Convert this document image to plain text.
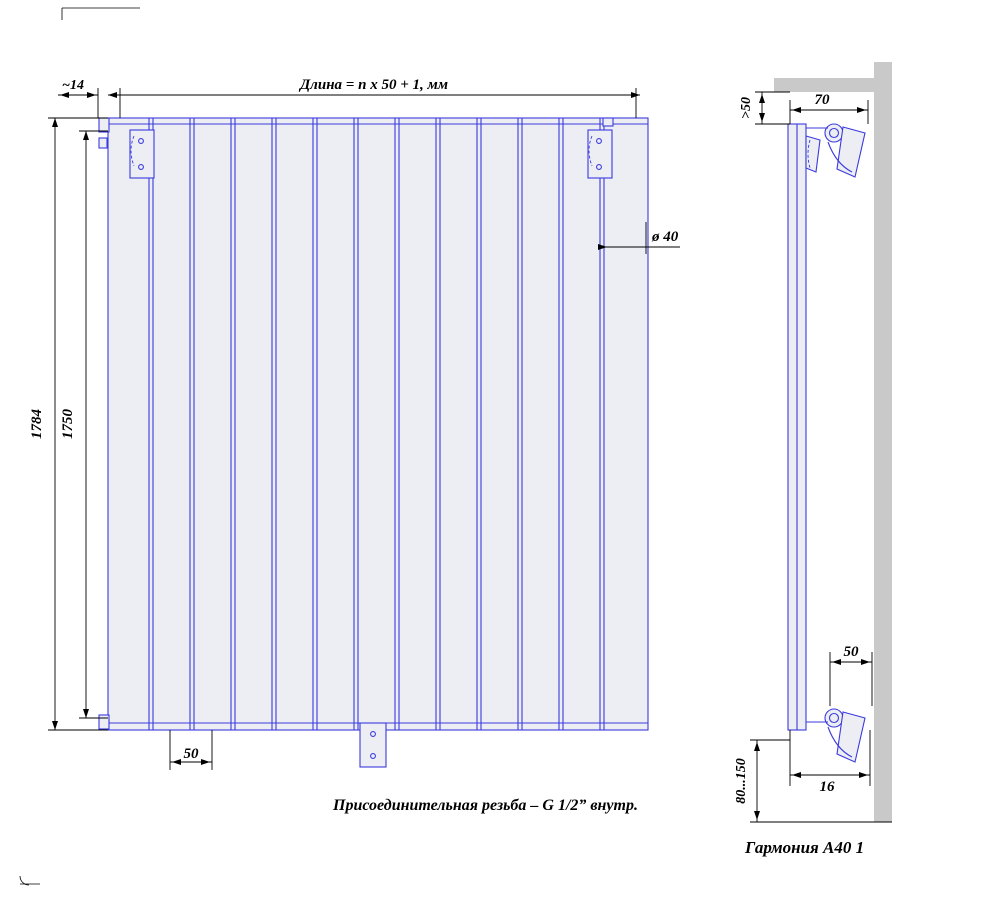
Длина = n x 50 + 1, мм
~14
1784 1750
ø 40
50
Присоединительная резьба – G 1/2” внутр.
>50	70
50
16
80...150
Гармония А40 1
